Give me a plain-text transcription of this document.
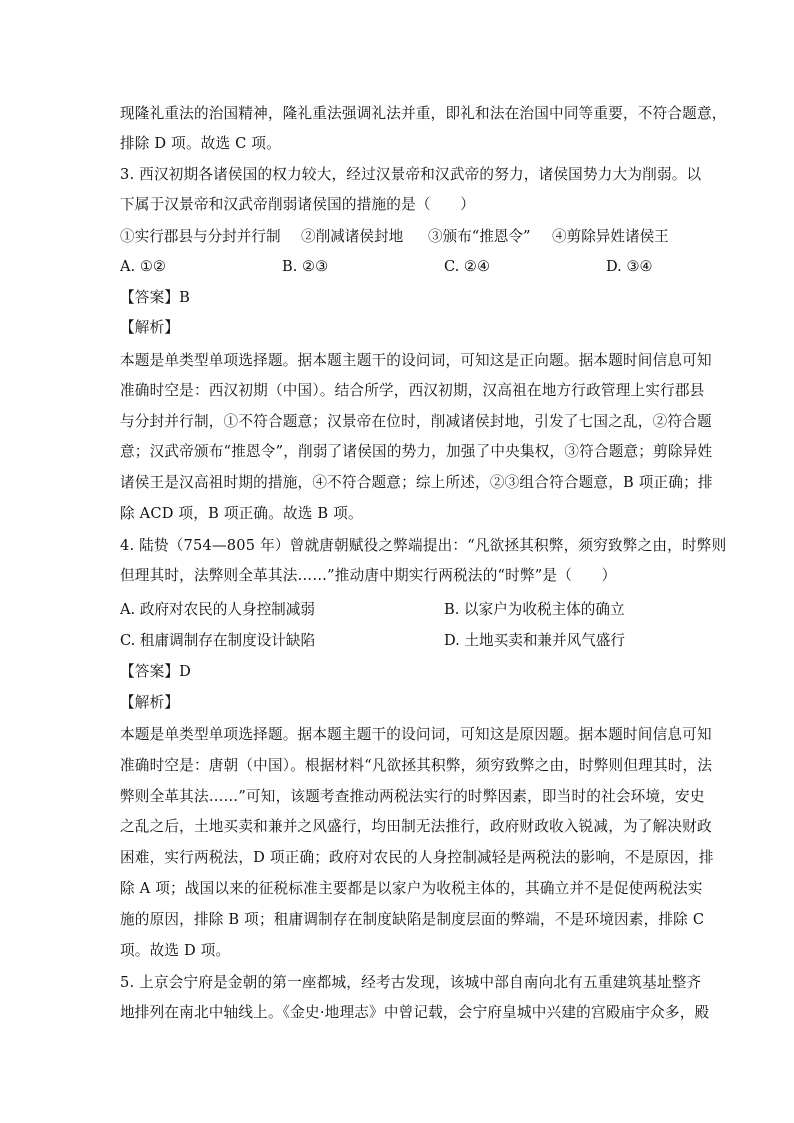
现隆礼重法的治国精神，隆礼重法强调礼法并重，即礼和法在治国中同等重要，不符合题意，
排除 D 项。故选 C 项。
3. 西汉初期各诸侯国的权力较大，经过汉景帝和汉武帝的努力，诸侯国势力大为削弱。以
下属于汉景帝和汉武帝削弱诸侯国的措施的是（　　）
①实行郡县与分封并行制 ②削减诸侯封地 ③颁布“推恩令” ④剪除异姓诸侯王
A. ①②	B. ②③	C. ②④	D. ③④
【答案】B
【解析】
本题是单类型单项选择题。据本题主题干的设问词，可知这是正向题。据本题时间信息可知
准确时空是：西汉初期（中国）。结合所学，西汉初期，汉高祖在地方行政管理上实行郡县
与分封并行制，①不符合题意；汉景帝在位时，削减诸侯封地，引发了七国之乱，②符合题
意；汉武帝颁布“推恩令”，削弱了诸侯国的势力，加强了中央集权，③符合题意；剪除异姓
诸侯王是汉高祖时期的措施，④不符合题意；综上所述，②③组合符合题意，B 项正确；排
除 ACD 项，B 项正确。故选 B 项。
4. 陆贽（754—805 年）曾就唐朝赋役之弊端提出：“凡欲拯其积弊，须穷致弊之由，时弊则
但理其时，法弊则全革其法……”推动唐中期实行两税法的“时弊”是（　　）
A. 政府对农民的人身控制减弱	B. 以家户为收税主体的确立
C. 租庸调制存在制度设计缺陷	D. 土地买卖和兼并风气盛行
【答案】D
【解析】
本题是单类型单项选择题。据本题主题干的设问词，可知这是原因题。据本题时间信息可知
准确时空是：唐朝（中国）。根据材料“凡欲拯其积弊，须穷致弊之由，时弊则但理其时，法
弊则全革其法……”可知，该题考查推动两税法实行的时弊因素，即当时的社会环境，安史
之乱之后，土地买卖和兼并之风盛行，均田制无法推行，政府财政收入锐减，为了解决财政
困难，实行两税法，D 项正确；政府对农民的人身控制减轻是两税法的影响，不是原因，排
除 A 项；战国以来的征税标准主要都是以家户为收税主体的，其确立并不是促使两税法实
施的原因，排除 B 项；租庸调制存在制度缺陷是制度层面的弊端，不是环境因素，排除 C
项。故选 D 项。
5. 上京会宁府是金朝的第一座都城，经考古发现，该城中部自南向北有五重建筑基址整齐
地排列在南北中轴线上。《金史·地理志》中曾记载，会宁府皇城中兴建的宫殿庙宇众多，殿
